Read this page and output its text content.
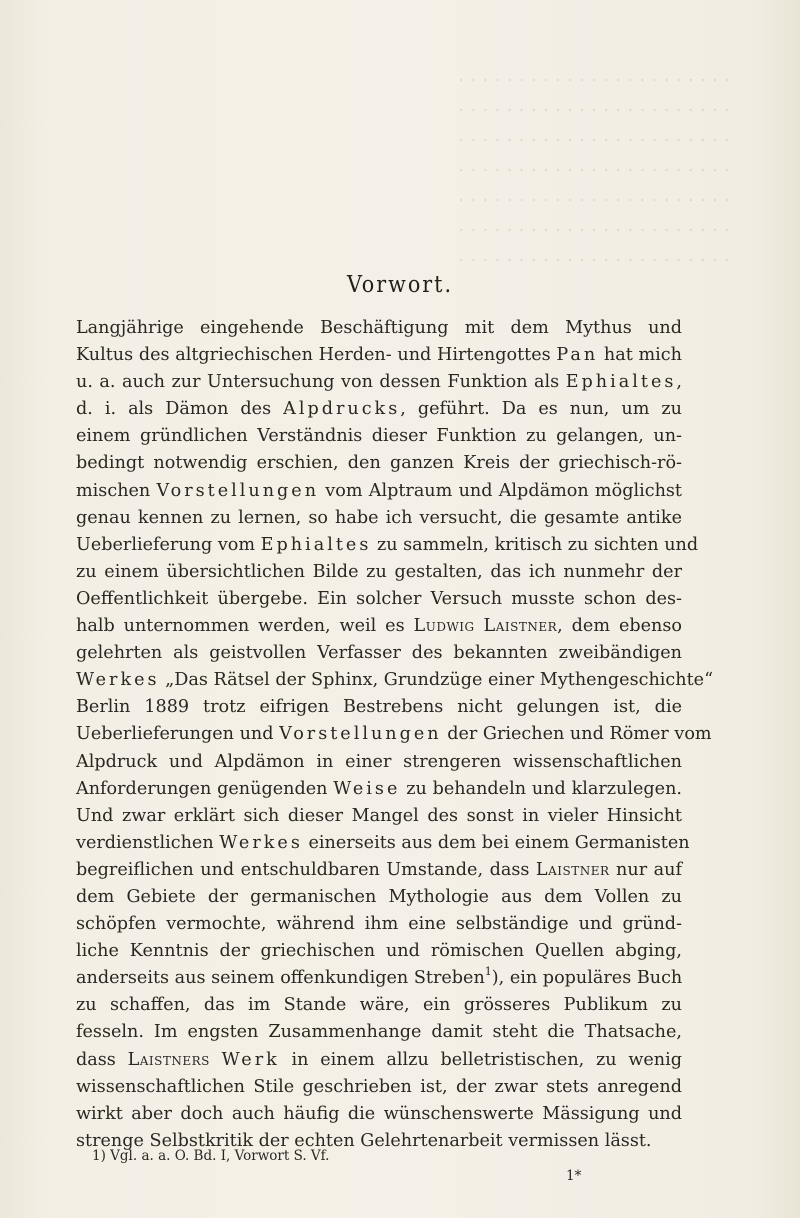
. . . . . . . . . . . . . . . . . . . . . . .
. . . . . . . . . . . . . . . . . . . . . . .
. . . . . . . . . . . . . . . . . . . . . . .
. . . . . . . . . . . . . . . . . . . . . . .
. . . . . . . . . . . . . . . . . . . . . . .
. . . . . . . . . . . . . . . . . . . . . . .
. . . . . . . . . . . . . . . . . . . . . . .
Vorwort.
Langjährige eingehende Beschäftigung mit dem Mythus und
Kultus des altgriechischen Herden- und Hirtengottes Pan hat mich
u. a. auch zur Untersuchung von dessen Funktion als Ephialtes,
d. i. als Dämon des Alpdrucks, geführt. Da es nun, um zu
einem gründlichen Verständnis dieser Funktion zu gelangen, un-
bedingt notwendig erschien, den ganzen Kreis der griechisch-rö-
mischen Vorstellungen vom Alptraum und Alpdämon möglichst
genau kennen zu lernen, so habe ich versucht, die gesamte antike
Ueberlieferung vom Ephialtes zu sammeln, kritisch zu sichten und
zu einem übersichtlichen Bilde zu gestalten, das ich nunmehr der
Oeffentlichkeit übergebe. Ein solcher Versuch musste schon des-
halb unternommen werden, weil es Ludwig Laistner, dem ebenso
gelehrten als geistvollen Verfasser des bekannten zweibändigen
Werkes „Das Rätsel der Sphinx, Grundzüge einer Mythengeschichte“
Berlin 1889 trotz eifrigen Bestrebens nicht gelungen ist, die
Ueberlieferungen und Vorstellungen der Griechen und Römer vom
Alpdruck und Alpdämon in einer strengeren wissenschaftlichen
Anforderungen genügenden Weise zu behandeln und klarzulegen.
Und zwar erklärt sich dieser Mangel des sonst in vieler Hinsicht
verdienstlichen Werkes einerseits aus dem bei einem Germanisten
begreiflichen und entschuldbaren Umstande, dass Laistner nur auf
dem Gebiete der germanischen Mythologie aus dem Vollen zu
schöpfen vermochte, während ihm eine selbständige und gründ-
liche Kenntnis der griechischen und römischen Quellen abging,
anderseits aus seinem offenkundigen Streben$^1$), ein populäres Buch
zu schaffen, das im Stande wäre, ein grösseres Publikum zu
fesseln. Im engsten Zusammenhange damit steht die Thatsache,
dass Laistners Werk in einem allzu belletristischen, zu wenig
wissenschaftlichen Stile geschrieben ist, der zwar stets anregend
wirkt aber doch auch häufig die wünschenswerte Mässigung und
strenge Selbstkritik der echten Gelehrtenarbeit vermissen lässt.
1) Vgl. a. a. O. Bd. I, Vorwort S. Vf.
1*
